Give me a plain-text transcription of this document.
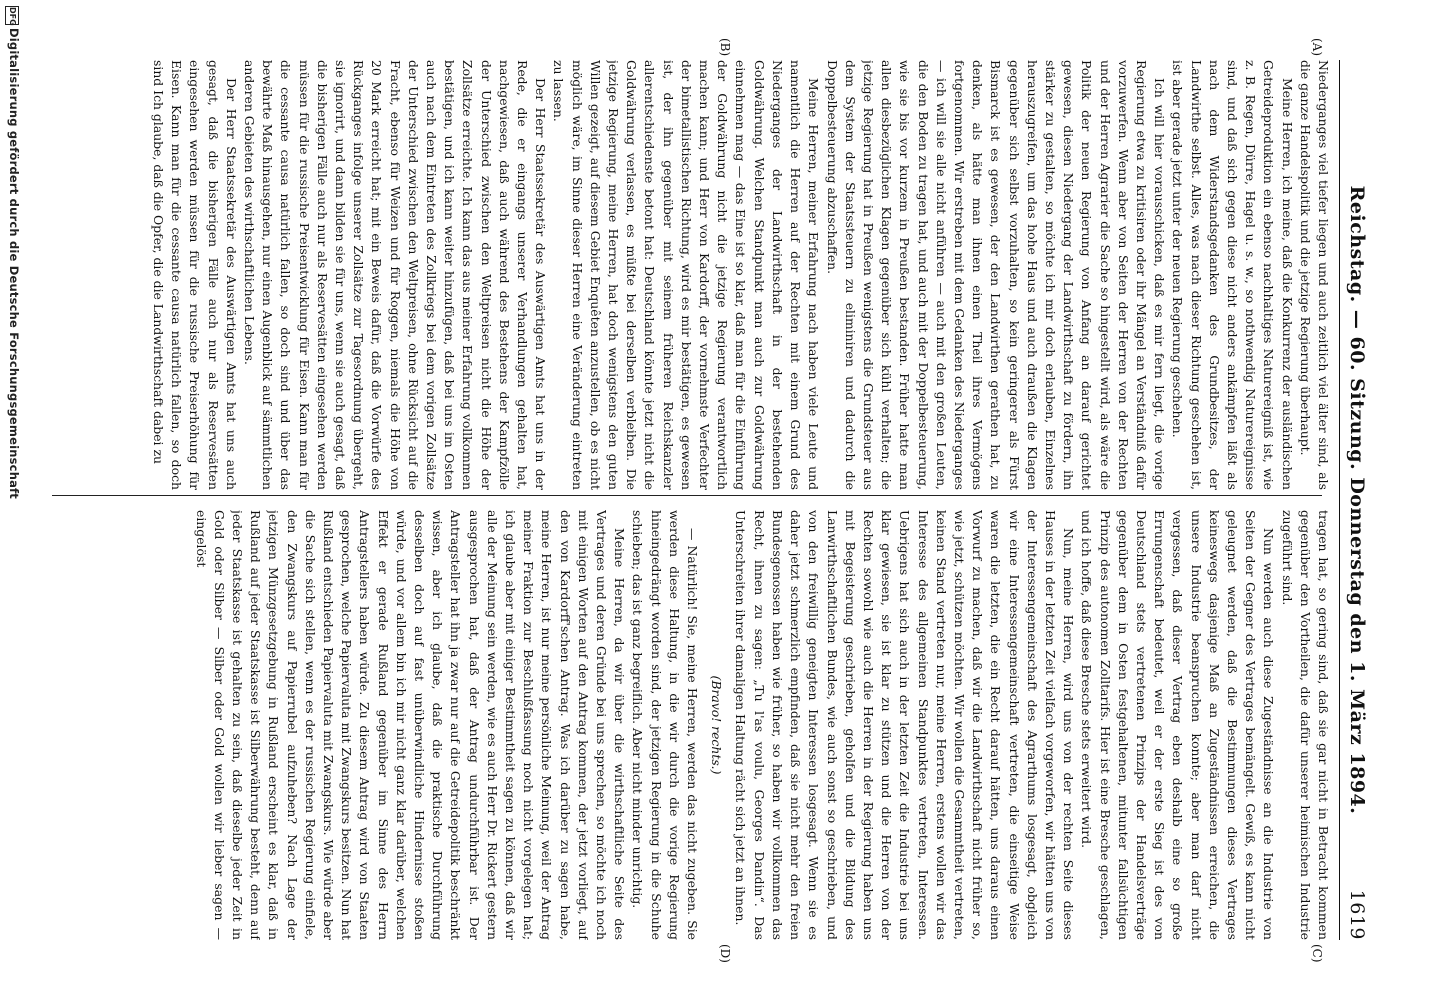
Reichstag. — 60. Sitzung. Donnerstag den 1. März 1894.
1619
(A)
(B)
(C)
(D)

Niederganges viel tiefer liegen und auch zeitlich viel älter sind, als die ganze Handelspolitik und die jetzige Regierung überhaupt.

Meine Herren, ich meine, daß die Konkurrenz der ausländischen Getreideproduktion ein ebenso nachhaltiges Naturereigniß ist, wie z. B. Regen, Dürre, Hagel u. s. w., so nothwendig Naturereignisse sind, und daß sich gegen diese nicht anders ankämpfen läßt als nach dem Widerstandsgedanken des Grundbesitzes, der Landwirthe selbst. Alles, was nach dieser Richtung geschehen ist, ist aber gerade jetzt unter der neuen Regierung geschehen.

Ich will hier vorausschicken, daß es mir fern liegt, die vorige Regierung etwa zu kritisiren oder ihr Mängel an Verständniß dafür vorzuwerfen. Wenn aber von Seiten der Herren von der Rechten und der Herren Agrarier die Sache so hingestellt wird, als wäre die Politik der neuen Regierung von Anfang an darauf gerichtet gewesen, diesen Niedergang der Landwirthschaft zu fördern, ihn stärker zu gestalten, so möchte ich mir doch erlauben, Einzelnes herauszugreifen, um das hohe Haus und auch draußen die Klagen gegenüber sich selbst vorzuhalten, so kein geringerer als Fürst Bismarck ist es gewesen, der den Landwirthen gerathen hat, zu denken, als hätte man ihnen einen Theil ihres Vermögens fortgenommen. Wir erstreben mit dem Gedanken des Niederganges — ich will sie alle nicht anführen — auch mit den großen Leuten, die den Boden zu tragen hat, und auch mit der Doppelbesteuerung, wie sie bis vor kurzem in Preußen bestanden. Früher hatte man allen diesbezüglichen Klagen gegenüber sich kühl verhalten; die jetzige Regierung hat in Preußen wenigstens die Grundsteuer aus dem System der Staatssteuern zu eliminiren und dadurch die Doppelbesteuerung abzuschaffen.

Meine Herren, meiner Erfahrung nach haben viele Leute und namentlich die Herren auf der Rechten mit einem Grund des Niederganges der Landwirthschaft in der bestehenden Goldwährung. Welchen Standpunkt man auch zur Goldwährung einnehmen mag — das Eine ist so klar, daß man für die Einführung der Goldwährung nicht die jetzige Regierung verantwortlich machen kann; und Herr von Kardorff, der vornehmste Verfechter der bimetallistischen Richtung, wird es mir bestätigen, es gewesen ist, der ihn gegenüber mit seinem früheren Reichskanzler allerentschiedenste betont hat: Deutschland könnte jetzt nicht die Goldwährung verlassen, es müßte bei derselben verbleiben. Die jetzige Regierung, meine Herren, hat doch wenigstens den guten Willen gezeigt, auf diesem Gebiet Enquêten anzustellen, ob es nicht möglich wäre, im Sinne dieser Herren eine Veränderung eintreten zu lassen.

Der Herr Staatssekretär des Auswärtigen Amts hat uns in der Rede, die er eingangs unserer Verhandlungen gehalten hat, nachgewiesen, daß auch während des Bestehens der Kampfzölle der Unterschied zwischen den Weltpreisen nicht die Höhe der Zollsätze erreichte. Ich kann das aus meiner Erfahrung vollkommen bestätigen, und ich kann weiter hinzufügen, daß bei uns im Osten auch nach dem Eintreten des Zollkriegs bei dem vorigen Zollsätze der Unterschied zwischen den Weltpreisen, ohne Rücksicht auf die Fracht, ebenso für Weizen und für Roggen, niemals die Höhe von 20 Mark erreicht hat; mit ein Beweis dafür, daß die Vorwürfe des Rückganges infolge unserer Zollsätze zur Tagesordnung übergeht, sie ignorirt, und dann bilden sie für uns, wenn sie auch gesagt, daß die bisherigen Fälle auch nur als Reservesätten eingesehen werden müssen für die russische Preisentwicklung für Eisen. Kann man für die cessante causa natürlich fallen, so doch sind und über das bewährte Maß hinausgehen, nur einen Augenblick auf sämmtlichen anderen Gebieten des wirthschaftlichen Lebens.

Der Herr Staatssekretär des Auswärtigen Amts hat uns auch gesagt, daß die bisherigen Fälle auch nur als Reservesätten eingesehen werden müssen für die russische Preiserhöhung für Eisen. Kann man für die cessante causa natürlich fallen, so doch sind Ich glaube, daß die Opfer, die die Landwirthschaft dabei zu

tragen hat, so gering sind, daß sie gar nicht in Betracht kommen gegenüber den Vortheilen, die dafür unserer heimischen Industrie zugeführt sind.

Nun werden auch diese Zugeständnisse an die Industrie von Seiten der Gegner des Vertrages bemängelt. Gewiß, es kann nicht geleugnet werden, daß die Bestimmungen dieses Vertrages keineswegs dasjenige Maß an Zugeständnissen erreichen, die unsere Industrie beanspruchen konnte; aber man darf nicht vergessen, daß dieser Vertrag eben deshalb eine so große Errungenschaft bedeutet, weil er der erste Sieg ist des von Deutschland stets vertretenen Prinzips der Handelsverträge gegenüber dem in Osten festgehaltenen, mitunter fallsüchtigen Prinzip des autonomen Zolltarifs. Hier ist eine Bresche geschlagen, und ich hoffe, daß diese Bresche stets erweitert wird.

Nun, meine Herren, wird uns von der rechten Seite dieses Hauses in der letzten Zeit vielfach vorgeworfen, wir hätten uns von der Interessengemeinschaft des Agrarthums losgesagt, obgleich wir eine Interessengemeinschaft vertreten, die einseitige Weise waren die letzten, die ein Recht darauf hätten, uns daraus einen Vorwurf zu machen, daß wir die Landwirthschaft nicht früher so, wie jetzt, schützen möchten. Wir wollen die Gesammtheit vertreten, keinen Stand vertreten nur, meine Herren, erstens wollen wir das Interesse des allgemeinen Standpunktes vertreten, Interessen. Uebrigens hat sich auch in der letzten Zeit die Industrie bei uns klar gewiesen, sie ist klar zu stützen und die Herren von der Rechten sowohl wie auch die Herren in der Regierung haben uns mit Begeisterung geschrieben, geholfen und die Bildung des Lanwirthschaftlichen Bundes, wie auch sonst so geschrieben, und von den freiwillig geneigten Interessen losgesagt. Wenn sie es daher jetzt schmerzlich empfinden, daß sie nicht mehr den freien Bundesgenossen haben wie früher, so haben wir vollkommen das Recht, ihnen zu sagen: „Tu l'as voulu, Georges Dandin“. Das Unterschreiten ihrer damaligen Haltung rächt sich jetzt an ihnen.

(Bravo! rechts.)

— Natürlich! Sie, meine Herren, werden das nicht zugeben. Sie werden diese Haltung, in die wir durch die vorige Regierung hineingedrängt worden sind, der jetzigen Regierung in die Schuhe schieben; das ist ganz begreiflich. Aber nicht minder unrichtig.

Meine Herren, da wir über die wirthschaftliche Seite des Vertrages und deren Gründe bei uns sprechen, so möchte ich noch mit einigen Worten auf den Antrag kommen, der jetzt vorliegt, auf den von Kardorff'schen Antrag. Was ich darüber zu sagen habe, meine Herren, ist nur meine persönliche Meinung, weil der Antrag meiner Fraktion zur Beschlußfassung noch nicht vorgelegen hat; ich glaube aber mit einiger Bestimmtheit sagen zu können, daß wir alle der Meinung sein werden, wie es auch Herr Dr. Rickert gestern ausgesprochen hat, daß der Antrag undurchführbar ist. Der Antragsteller hat ihn ja zwar nur auf die Getreidepolitik beschränkt wissen, aber ich glaube, daß die praktische Durchführung desselben doch auf fast unüberwindliche Hindernisse stoßen würde, und vor allem bin ich mir nicht ganz klar darüber, welchen Effekt er gerade Rußland gegenüber im Sinne des Herrn Antragstellers haben würde. Zu diesem Antrag wird von Staaten gesprochen, welche Papiervaluta mit Zwangskurs besitzen. Nun hat Rußland entschieden Papiervaluta mit Zwangskurs. Wie würde aber die Sache sich stellen, wenn es der russischen Regierung einfiele, den Zwangskurs auf Papierrubel aufzuheben? Nach Lage der jetzigen Münzgesetzgebung in Rußland erscheint es klar, daß in Rußland auf jeder Staatskasse ist Silberwährung besteht, denn auf jeder Staatskasse ist gehalten zu sein, daß dieselbe jeder Zeit in Gold oder Silber — Silber oder Gold wollen wir lieber sagen — eingelöst

DFG
Digitalisierung gefördert durch die Deutsche Forschungsgemeinschaft
